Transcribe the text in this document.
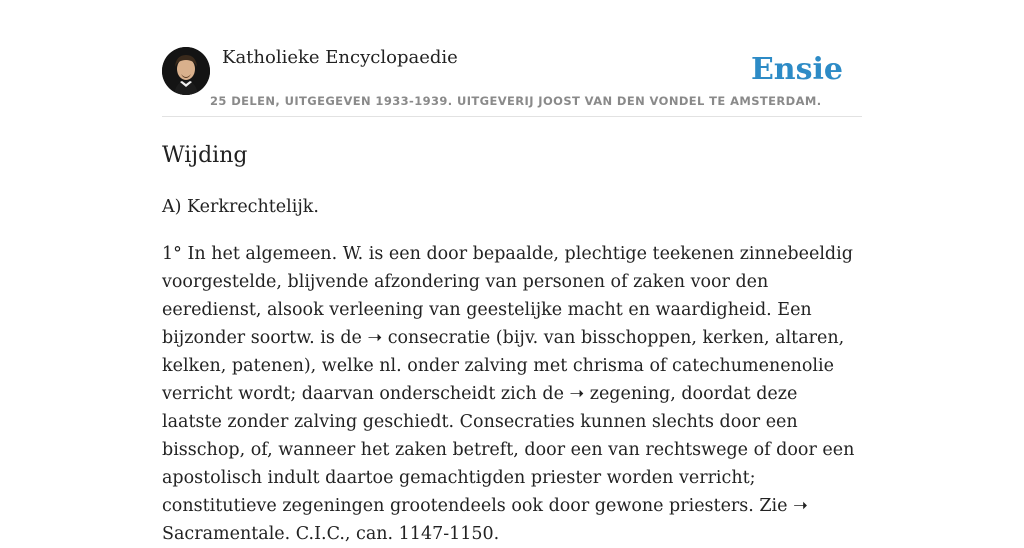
Katholieke Encyclopaedie	Ensie
25 DELEN, UITGEGEVEN 1933-1939. UITGEVERIJ JOOST VAN DEN VONDEL TE AMSTERDAM.
Wijding

A) Kerkrechtelijk.

1° In het algemeen. W. is een door bepaalde, plechtige teekenen zinnebeeldig voorgestelde, blijvende afzondering van personen of zaken voor den eeredienst, alsook verleening van geestelijke macht en waardigheid. Een bijzonder soortw. is de ➝ consecratie (bijv. van bisschoppen, kerken, altaren, kelken, patenen), welke nl. onder zalving met chrisma of catechumenenolie verricht wordt; daarvan onderscheidt zich de ➝ zegening, doordat deze laatste zonder zalving geschiedt. Consecraties kunnen slechts door een bisschop, of, wanneer het zaken betreft, door een van rechtswege of door een apostolisch indult daartoe gemachtigden priester worden verricht; constitutieve zegeningen grootendeels ook door gewone priesters. Zie ➝ Sacramentale. C.I.C., can. 1147-1150.
